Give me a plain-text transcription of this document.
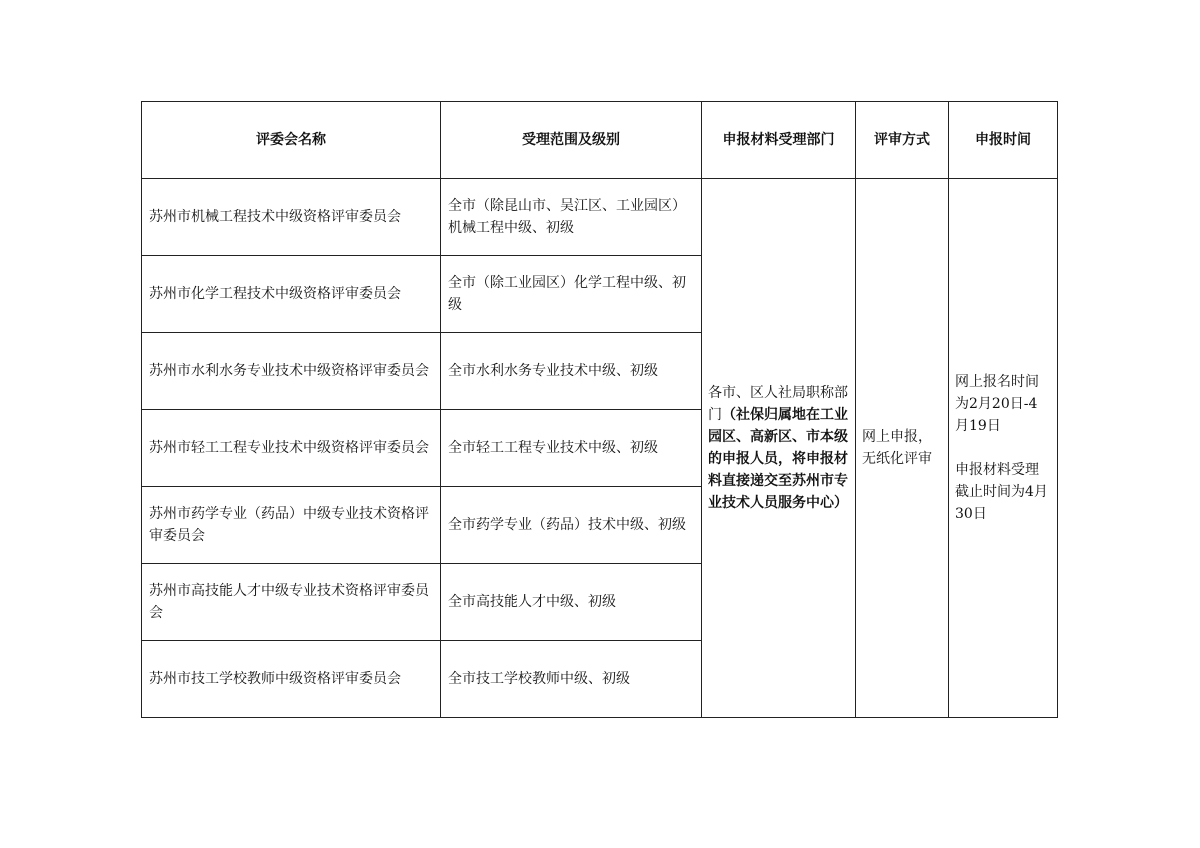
评委会名称	受理范围及级别	申报材料受理部门	评审方式	申报时间
苏州市机械工程技术中级资格评审委员会	全市（除昆山市、吴江区、工业园区）机械工程中级、初级	各市、区人社局职称部门（社保归属地在工业园区、高新区、市本级的申报人员，将申报材料直接递交至苏州市专业技术人员服务中心）	网上申报，无纸化评审	网上报名时间为2月20日-4月19日

申报材料受理截止时间为4月30日

苏州市化学工程技术中级资格评审委员会	全市（除工业园区）化学工程中级、初级			
苏州市水利水务专业技术中级资格评审委员会	全市水利水务专业技术中级、初级			
苏州市轻工工程专业技术中级资格评审委员会	全市轻工工程专业技术中级、初级			
苏州市药学专业（药品）中级专业技术资格评审委员会	全市药学专业（药品）技术中级、初级			
苏州市高技能人才中级专业技术资格评审委员会	全市高技能人才中级、初级			
苏州市技工学校教师中级资格评审委员会	全市技工学校教师中级、初级			
